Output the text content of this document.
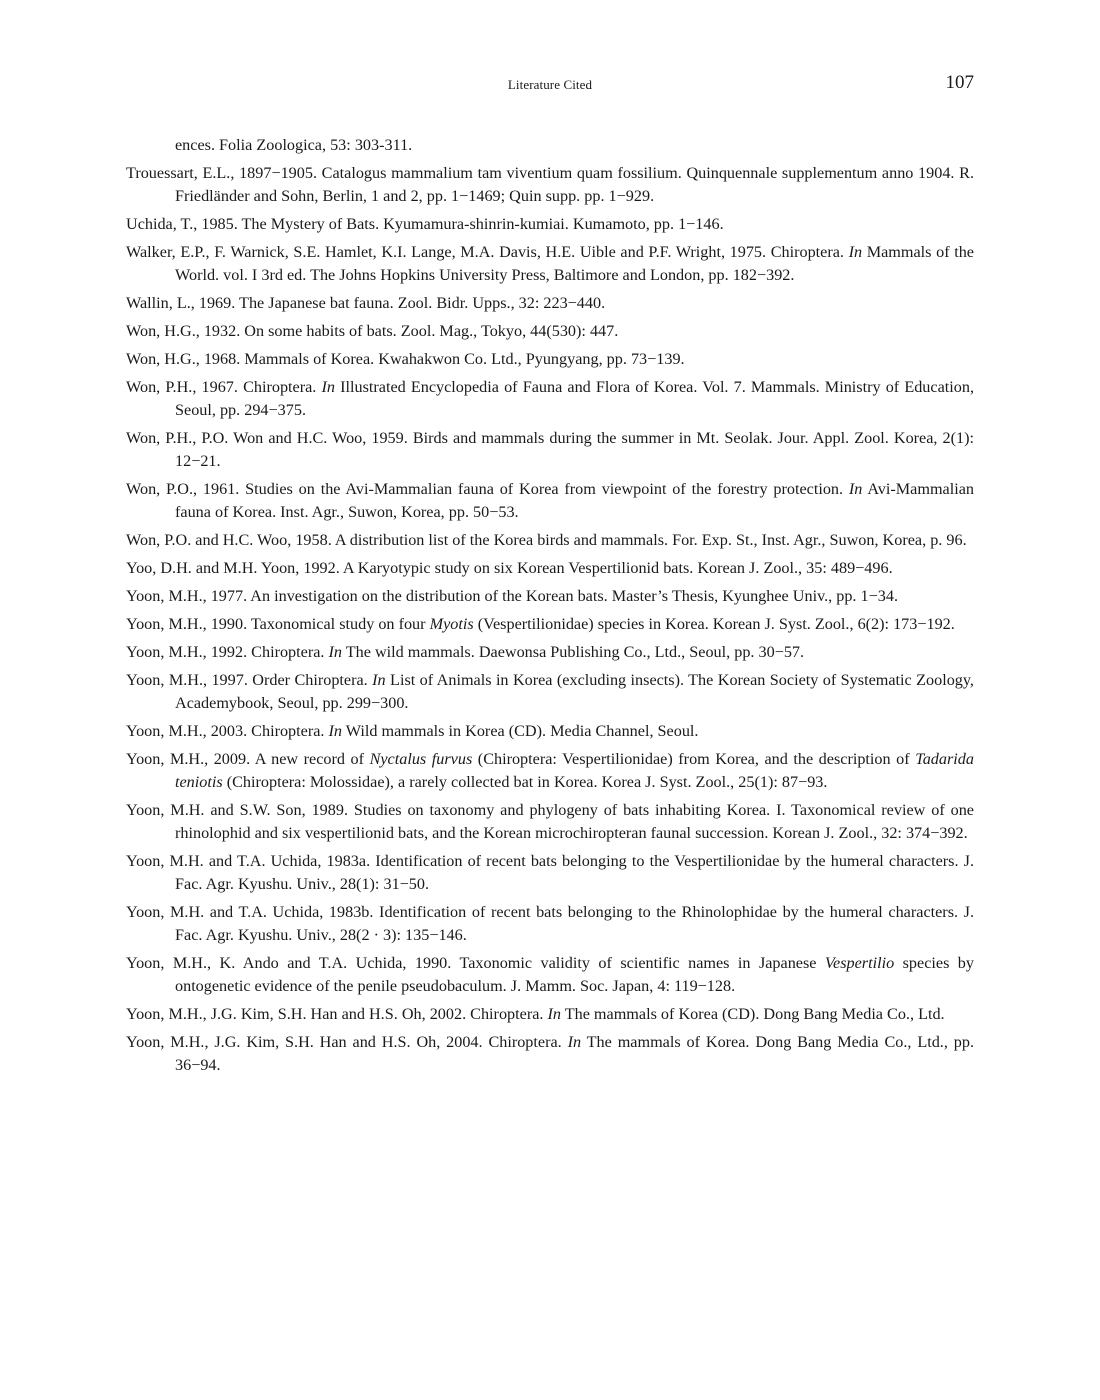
Literature Cited	107

ences. Folia Zoologica, 53: 303-311.

Trouessart, E.L., 1897−1905. Catalogus mammalium tam viventium quam fossilium. Quinquennale supplementum anno 1904. R. Friedländer and Sohn, Berlin, 1 and 2, pp. 1−1469; Quin supp. pp. 1−929.

Uchida, T., 1985. The Mystery of Bats. Kyumamura-shinrin-kumiai. Kumamoto, pp. 1−146.

Walker, E.P., F. Warnick, S.E. Hamlet, K.I. Lange, M.A. Davis, H.E. Uible and P.F. Wright, 1975. Chiroptera. In Mammals of the World. vol. I 3rd ed. The Johns Hopkins University Press, Baltimore and London, pp. 182−392.

Wallin, L., 1969. The Japanese bat fauna. Zool. Bidr. Upps., 32: 223−440.

Won, H.G., 1932. On some habits of bats. Zool. Mag., Tokyo, 44(530): 447.

Won, H.G., 1968. Mammals of Korea. Kwahakwon Co. Ltd., Pyungyang, pp. 73−139.

Won, P.H., 1967. Chiroptera. In Illustrated Encyclopedia of Fauna and Flora of Korea. Vol. 7. Mammals. Ministry of Education, Seoul, pp. 294−375.

Won, P.H., P.O. Won and H.C. Woo, 1959. Birds and mammals during the summer in Mt. Seolak. Jour. Appl. Zool. Korea, 2(1): 12−21.

Won, P.O., 1961. Studies on the Avi-Mammalian fauna of Korea from viewpoint of the forestry protection. In Avi-Mammalian fauna of Korea. Inst. Agr., Suwon, Korea, pp. 50−53.

Won, P.O. and H.C. Woo, 1958. A distribution list of the Korea birds and mammals. For. Exp. St., Inst. Agr., Suwon, Korea, p. 96.

Yoo, D.H. and M.H. Yoon, 1992. A Karyotypic study on six Korean Vespertilionid bats. Korean J. Zool., 35: 489−496.

Yoon, M.H., 1977. An investigation on the distribution of the Korean bats. Master’s Thesis, Kyunghee Univ., pp. 1−34.

Yoon, M.H., 1990. Taxonomical study on four Myotis (Vespertilionidae) species in Korea. Korean J. Syst. Zool., 6(2): 173−192.

Yoon, M.H., 1992. Chiroptera. In The wild mammals. Daewonsa Publishing Co., Ltd., Seoul, pp. 30−57.

Yoon, M.H., 1997. Order Chiroptera. In List of Animals in Korea (excluding insects). The Korean Society of Systematic Zoology, Academybook, Seoul, pp. 299−300.

Yoon, M.H., 2003. Chiroptera. In Wild mammals in Korea (CD). Media Channel, Seoul.

Yoon, M.H., 2009. A new record of Nyctalus furvus (Chiroptera: Vespertilionidae) from Korea, and the description of Tadarida teniotis (Chiroptera: Molossidae), a rarely collected bat in Korea. Korea J. Syst. Zool., 25(1): 87−93.

Yoon, M.H. and S.W. Son, 1989. Studies on taxonomy and phylogeny of bats inhabiting Korea. I. Taxonomical review of one rhinolophid and six vespertilionid bats, and the Korean microchiropteran faunal succession. Korean J. Zool., 32: 374−392.

Yoon, M.H. and T.A. Uchida, 1983a. Identification of recent bats belonging to the Vespertilionidae by the humeral characters. J. Fac. Agr. Kyushu. Univ., 28(1): 31−50.

Yoon, M.H. and T.A. Uchida, 1983b. Identification of recent bats belonging to the Rhinolophidae by the humeral characters. J. Fac. Agr. Kyushu. Univ., 28(2 · 3): 135−146.

Yoon, M.H., K. Ando and T.A. Uchida, 1990. Taxonomic validity of scientific names in Japanese Vespertilio species by ontogenetic evidence of the penile pseudobaculum. J. Mamm. Soc. Japan, 4: 119−128.

Yoon, M.H., J.G. Kim, S.H. Han and H.S. Oh, 2002. Chiroptera. In The mammals of Korea (CD). Dong Bang Media Co., Ltd.

Yoon, M.H., J.G. Kim, S.H. Han and H.S. Oh, 2004. Chiroptera. In The mammals of Korea. Dong Bang Media Co., Ltd., pp. 36−94.
